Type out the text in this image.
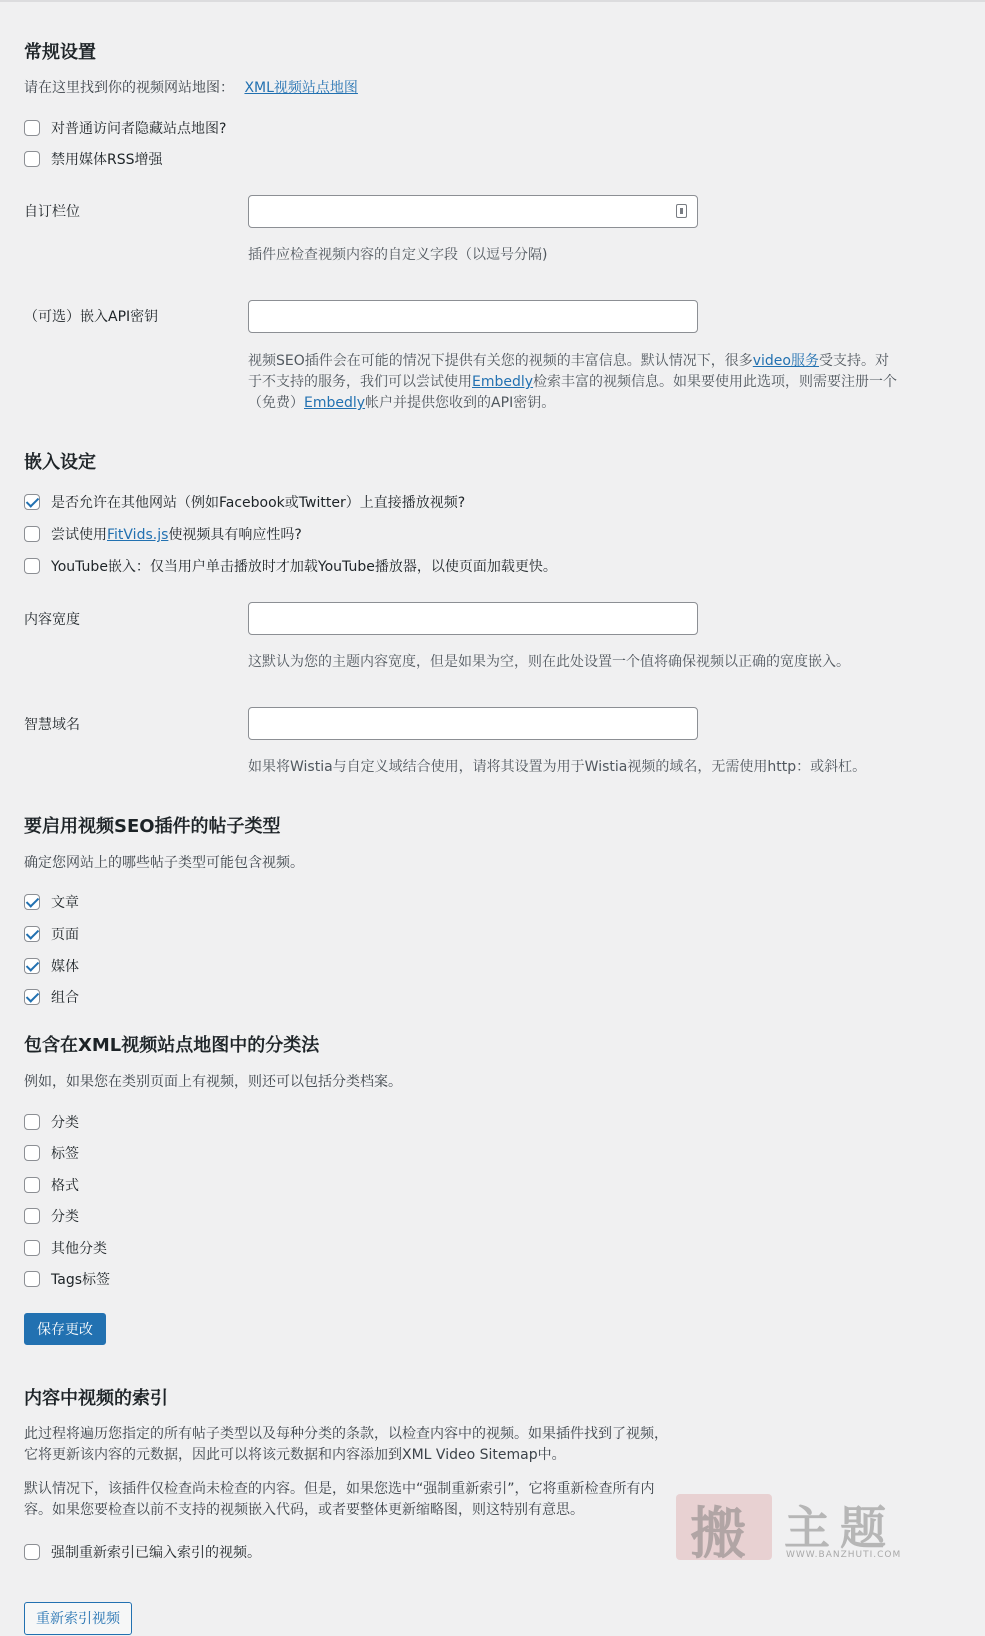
常规设置
请在这里找到你的视频网站地图： XML视频站点地图
对普通访问者隐藏站点地图?
禁用媒体RSS增强
自订栏位
插件应检查视频内容的自定义字段（以逗号分隔)
（可选）嵌入API密钥
视频SEO插件会在可能的情况下提供有关您的视频的丰富信息。默认情况下，很多video服务受支持。对
于不支持的服务，我们可以尝试使用Embedly检索丰富的视频信息。如果要使用此选项，则需要注册一个
（免费）Embedly帐户并提供您收到的API密钥。
嵌入设定
是否允许在其他网站（例如Facebook或Twitter）上直接播放视频?
尝试使用FitVids.js使视频具有响应性吗?
YouTube嵌入：仅当用户单击播放时才加载YouTube播放器，以使页面加载更快。
内容宽度
这默认为您的主题内容宽度，但是如果为空，则在此处设置一个值将确保视频以正确的宽度嵌入。
智慧域名
如果将Wistia与自定义域结合使用，请将其设置为用于Wistia视频的域名，无需使用http：或斜杠。
要启用视频SEO插件的帖子类型
确定您网站上的哪些帖子类型可能包含视频。
文章
页面
媒体
组合
包含在XML视频站点地图中的分类法
例如，如果您在类别页面上有视频，则还可以包括分类档案。
分类
标签
格式
分类
其他分类
Tags标签
保存更改
内容中视频的索引
此过程将遍历您指定的所有帖子类型以及每种分类的条款，以检查内容中的视频。如果插件找到了视频，
它将更新该内容的元数据，因此可以将该元数据和内容添加到XML Video Sitemap中。
默认情况下，该插件仅检查尚未检查的内容。但是，如果您选中“强制重新索引”，它将重新检查所有内
容。如果您要检查以前不支持的视频嵌入代码，或者要整体更新缩略图，则这特别有意思。
强制重新索引已编入索引的视频。
重新索引视频
搬 主 题
WWW.BANZHUTI.COM
